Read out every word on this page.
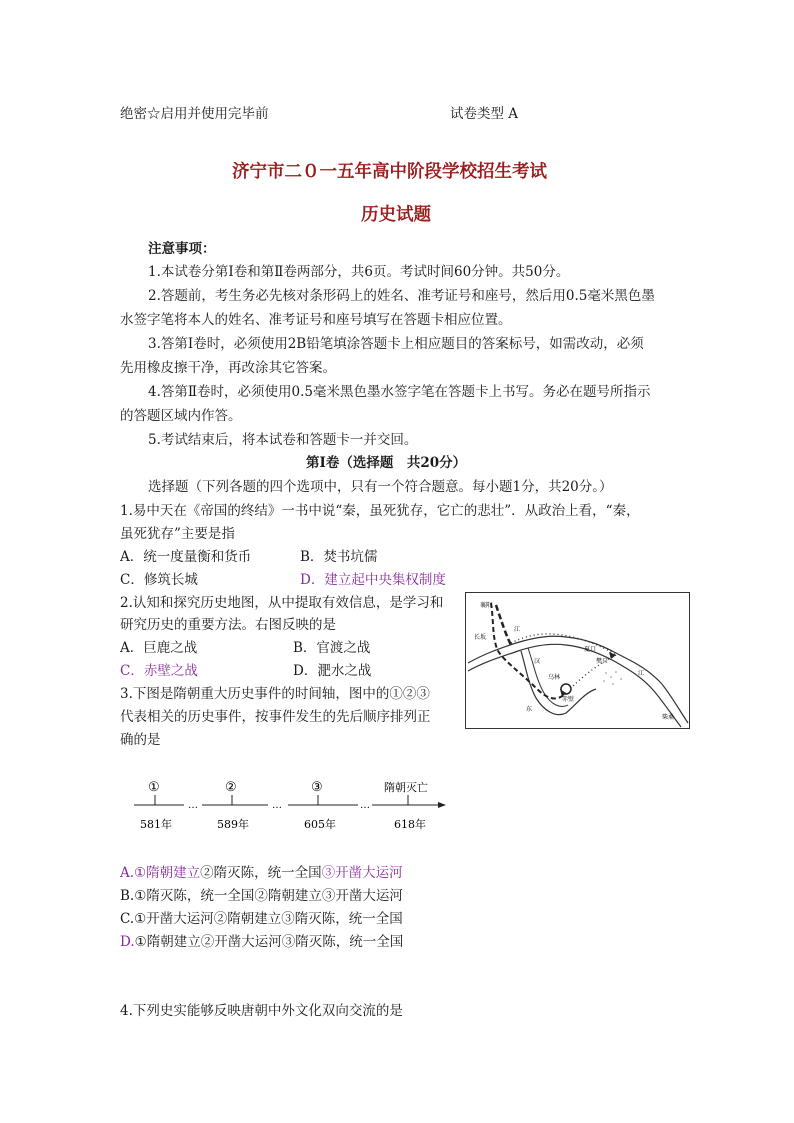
绝密☆启用并使用完毕前	试卷类型 A
济宁市二０一五年高中阶段学校招生考试
历史试题
注意事项：
1.本试卷分第Ⅰ卷和第Ⅱ卷两部分，共6页。考试时间60分钟。共50分。
2.答题前，考生务必先核对条形码上的姓名、准考证号和座号，然后用0.5毫米黑色墨
水签字笔将本人的姓名、准考证号和座号填写在答题卡相应位置。
3.答第Ⅰ卷时，必须使用2B铅笔填涂答题卡上相应题目的答案标号，如需改动，必须
先用橡皮擦干净，再改涂其它答案。
4.答第Ⅱ卷时，必须使用0.5毫米黑色墨水签字笔在答题卡上书写。务必在题号所指示
的答题区域内作答。
5.考试结束后，将本试卷和答题卡一并交回。
第Ⅰ卷（选择题　共20分）
选择题（下列各题的四个选项中，只有一个符合题意。每小题1分，共20分。）
1.易中天在《帝国的终结》一书中说“秦，虽死犹存，它亡的悲壮”．从政治上看，“秦，
虽死犹存”主要是指
A．统一度量衡和货币	B．焚书坑儒
C．修筑长城	D．建立起中央集权制度
2.认知和探究历史地图，从中提取有效信息，是学习和
研究历史的重要方法。右图反映的是
A．巨鹿之战	B．官渡之战
C．赤壁之战	D．淝水之战
襄阳
江
长坂
汉
夏口
乌林
赤壁
东
柴桑
樊口
江
3.下图是隋朝重大历史事件的时间轴，图中的①②③
代表相关的历史事件，按事件发生的先后顺序排列正
确的是
①	②	③	隋朝灭亡
…	…	…
581年	589年	605年	618年
A.①隋朝建立②隋灭陈，统一全国③开凿大运河
B.①隋灭陈，统一全国②隋朝建立③开凿大运河
C.①开凿大运河②隋朝建立③隋灭陈，统一全国
D.①隋朝建立②开凿大运河③隋灭陈，统一全国
4.下列史实能够反映唐朝中外文化双向交流的是
